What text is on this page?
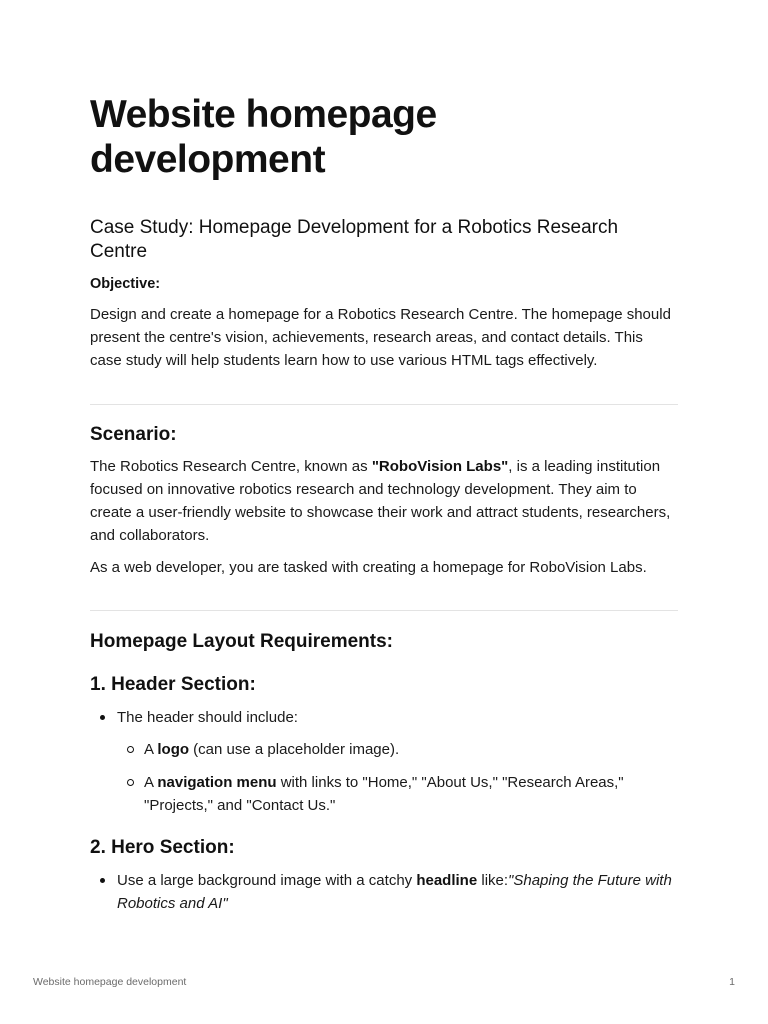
Website homepage development
Case Study: Homepage Development for a Robotics Research Centre

Objective:

Design and create a homepage for a Robotics Research Centre. The homepage should present the centre's vision, achievements, research areas, and contact details. This case study will help students learn how to use various HTML tags effectively.

Scenario:

The Robotics Research Centre, known as "RoboVision Labs", is a leading institution focused on innovative robotics research and technology development. They aim to create a user-friendly website to showcase their work and attract students, researchers, and collaborators.

As a web developer, you are tasked with creating a homepage for RoboVision Labs.

Homepage Layout Requirements:
1. Header Section:
The header should include:
A logo (can use a placeholder image).
A navigation menu with links to "Home," "About Us," "Research Areas," "Projects," and "Contact Us."
2. Hero Section:
Use a large background image with a catchy headline like:"Shaping the Future with Robotics and AI"

Website homepage development	1
